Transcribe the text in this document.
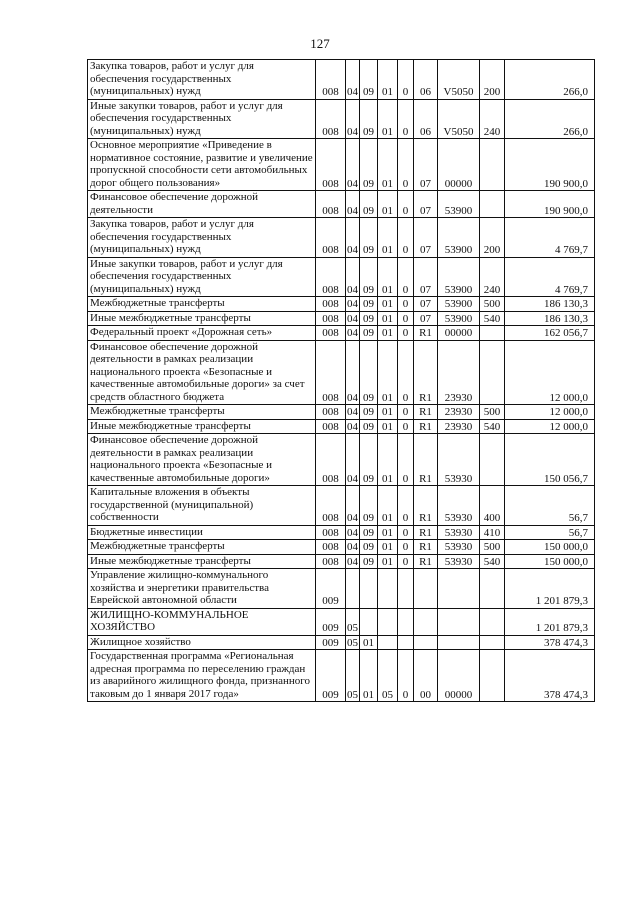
127
Закупка товаров, работ и услуг для обеспечения государственных (муниципальных) нужд	008	04	09	01	0	06	V5050	200	266,0
Иные закупки товаров, работ и услуг для обеспечения государственных (муниципальных) нужд	008	04	09	01	0	06	V5050	240	266,0
Основное мероприятие «Приведение в нормативное состояние, развитие и увеличение пропускной способности сети автомобильных дорог общего пользования»	008	04	09	01	0	07	00000		190 900,0
Финансовое обеспечение дорожной деятельности	008	04	09	01	0	07	53900		190 900,0
Закупка товаров, работ и услуг для обеспечения государственных (муниципальных) нужд	008	04	09	01	0	07	53900	200	4 769,7
Иные закупки товаров, работ и услуг для обеспечения государственных (муниципальных) нужд	008	04	09	01	0	07	53900	240	4 769,7
Межбюджетные трансферты	008	04	09	01	0	07	53900	500	186 130,3
Иные межбюджетные трансферты	008	04	09	01	0	07	53900	540	186 130,3
Федеральный проект «Дорожная сеть»	008	04	09	01	0	R1	00000		162 056,7
Финансовое обеспечение дорожной деятельности в рамках реализации национального проекта «Безопасные и качественные автомобильные дороги» за счет средств областного бюджета	008	04	09	01	0	R1	23930		12 000,0
Межбюджетные трансферты	008	04	09	01	0	R1	23930	500	12 000,0
Иные межбюджетные трансферты	008	04	09	01	0	R1	23930	540	12 000,0
Финансовое обеспечение дорожной деятельности в рамках реализации национального проекта «Безопасные и качественные автомобильные дороги»	008	04	09	01	0	R1	53930		150 056,7
Капитальные вложения в объекты государственной (муниципальной) собственности	008	04	09	01	0	R1	53930	400	56,7
Бюджетные инвестиции	008	04	09	01	0	R1	53930	410	56,7
Межбюджетные трансферты	008	04	09	01	0	R1	53930	500	150 000,0
Иные межбюджетные трансферты	008	04	09	01	0	R1	53930	540	150 000,0
Управление жилищно-коммунального хозяйства и энергетики правительства Еврейской автономной области	009								1 201 879,3
ЖИЛИЩНО-КОММУНАЛЬНОЕ ХОЗЯЙСТВО	009	05							1 201 879,3
Жилищное хозяйство	009	05	01						378 474,3
Государственная программа «Региональная адресная программа по переселению граждан из аварийного жилищного фонда, признанного таковым до 1 января 2017 года»	009	05	01	05	0	00	00000		378 474,3
